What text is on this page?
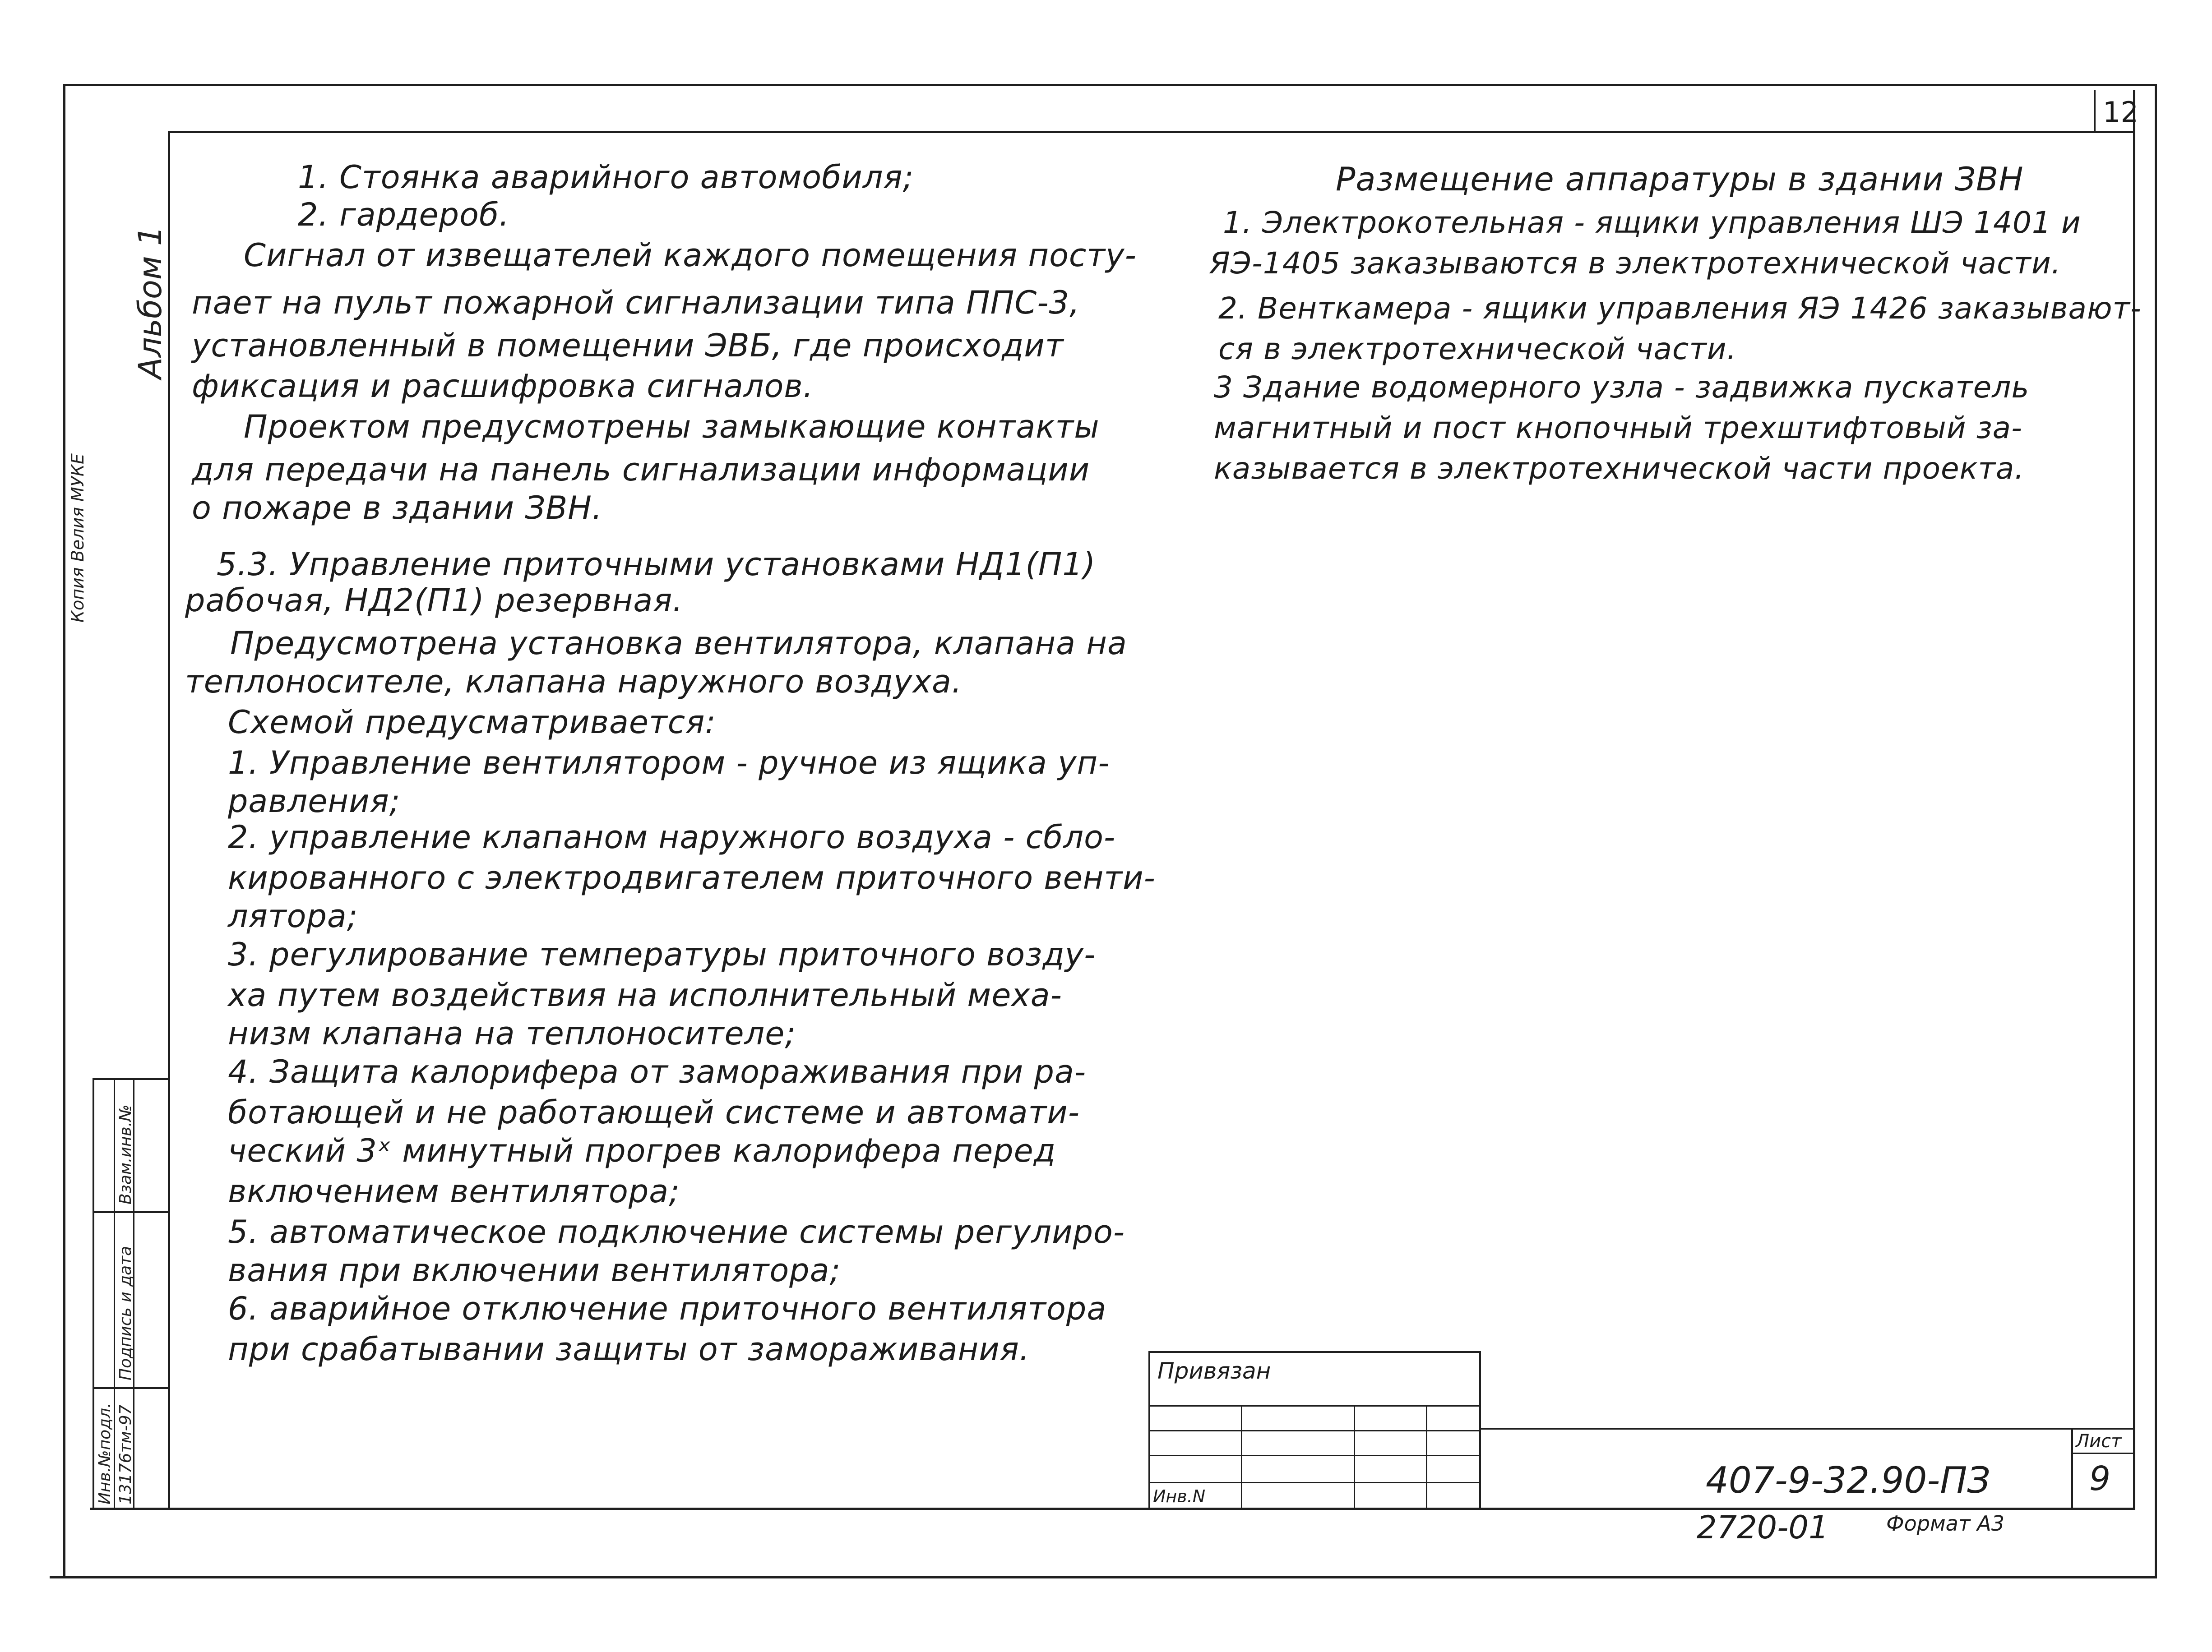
12
Альбом 1
Копия Велия МУКЕ
Взам.инв.№
Подпись и дата
Инв.№подл. 13176тм-97
1. Стоянка аварийного автомобиля;
2. гардероб.
Сигнал от извещателей каждого помещения посту-
пает на пульт пожарной сигнализации типа ППС-3,
установленный в помещении ЭВБ, где происходит
фиксация и расшифровка сигналов.
Проектом предусмотрены замыкающие контакты
для передачи на панель сигнализации информации
о пожаре в здании ЗВН.
5.3. Управление приточными установками НД1(П1)
рабочая, НД2(П1) резервная.
Предусмотрена установка вентилятора, клапана на
теплоносителе, клапана наружного воздуха.
Схемой предусматривается:
1. Управление вентилятором - ручное из ящика уп-
равления;
2. управление клапаном наружного воздуха - сбло-
кированного с электродвигателем приточного венти-
лятора;
3. регулирование температуры приточного возду-
ха путем воздействия на исполнительный меха-
низм клапана на теплоносителе;
4. Защита калорифера от замораживания при ра-
ботающей и не работающей системе и автомати-
ческий 3ˣ минутный прогрев калорифера перед
включением вентилятора;
5. автоматическое подключение системы регулиро-
вания при включении вентилятора;
6. аварийное отключение приточного вентилятора
при срабатывании защиты от замораживания.
Размещение аппаратуры в здании ЗВН
1. Электрокотельная - ящики управления ШЭ 1401 и
ЯЭ-1405 заказываются в электротехнической части.
2. Венткамера - ящики управления ЯЭ 1426 заказывают-
ся в электротехнической части.
3 Здание водомерного узла - задвижка пускатель
магнитный и пост кнопочный трехштифтовый за-
казывается в электротехнической части проекта.
Привязан
Инв.N	407-9-32.90-ПЗ
Лист
9
2720-01	Формат А3
